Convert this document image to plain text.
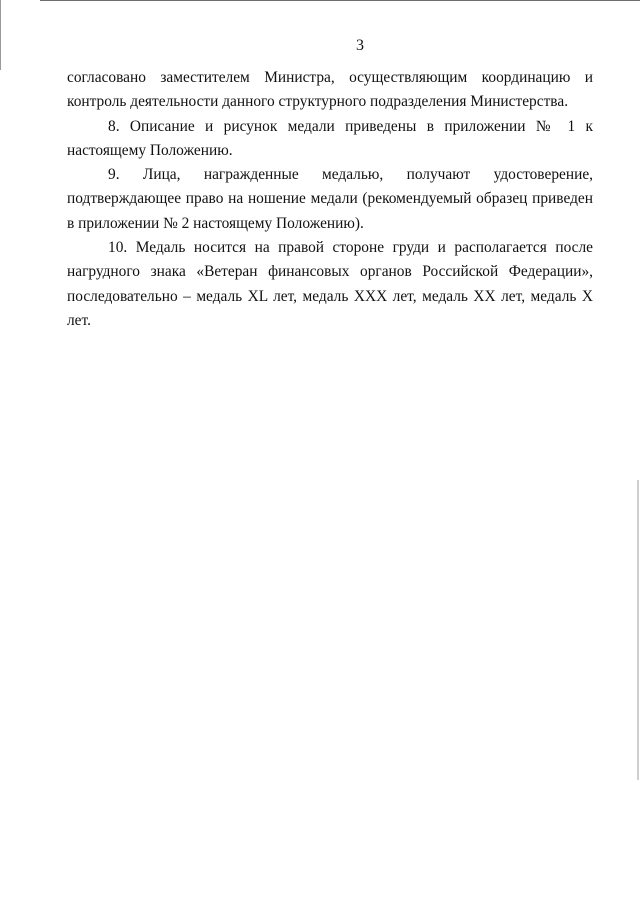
3

согласовано заместителем Министра, осуществляющим координацию и контроль деятельности данного структурного подразделения Министерства.

8. Описание и рисунок медали приведены в приложении № 1 к настоящему Положению.

9. Лица, награжденные медалью, получают удостоверение, подтверждающее право на ношение медали (рекомендуемый образец приведен в приложении № 2 настоящему Положению).

10. Медаль носится на правой стороне груди и располагается после нагрудного знака «Ветеран финансовых органов Российской Федерации», последовательно – медаль XL лет, медаль XXX лет, медаль XX лет, медаль X лет.
